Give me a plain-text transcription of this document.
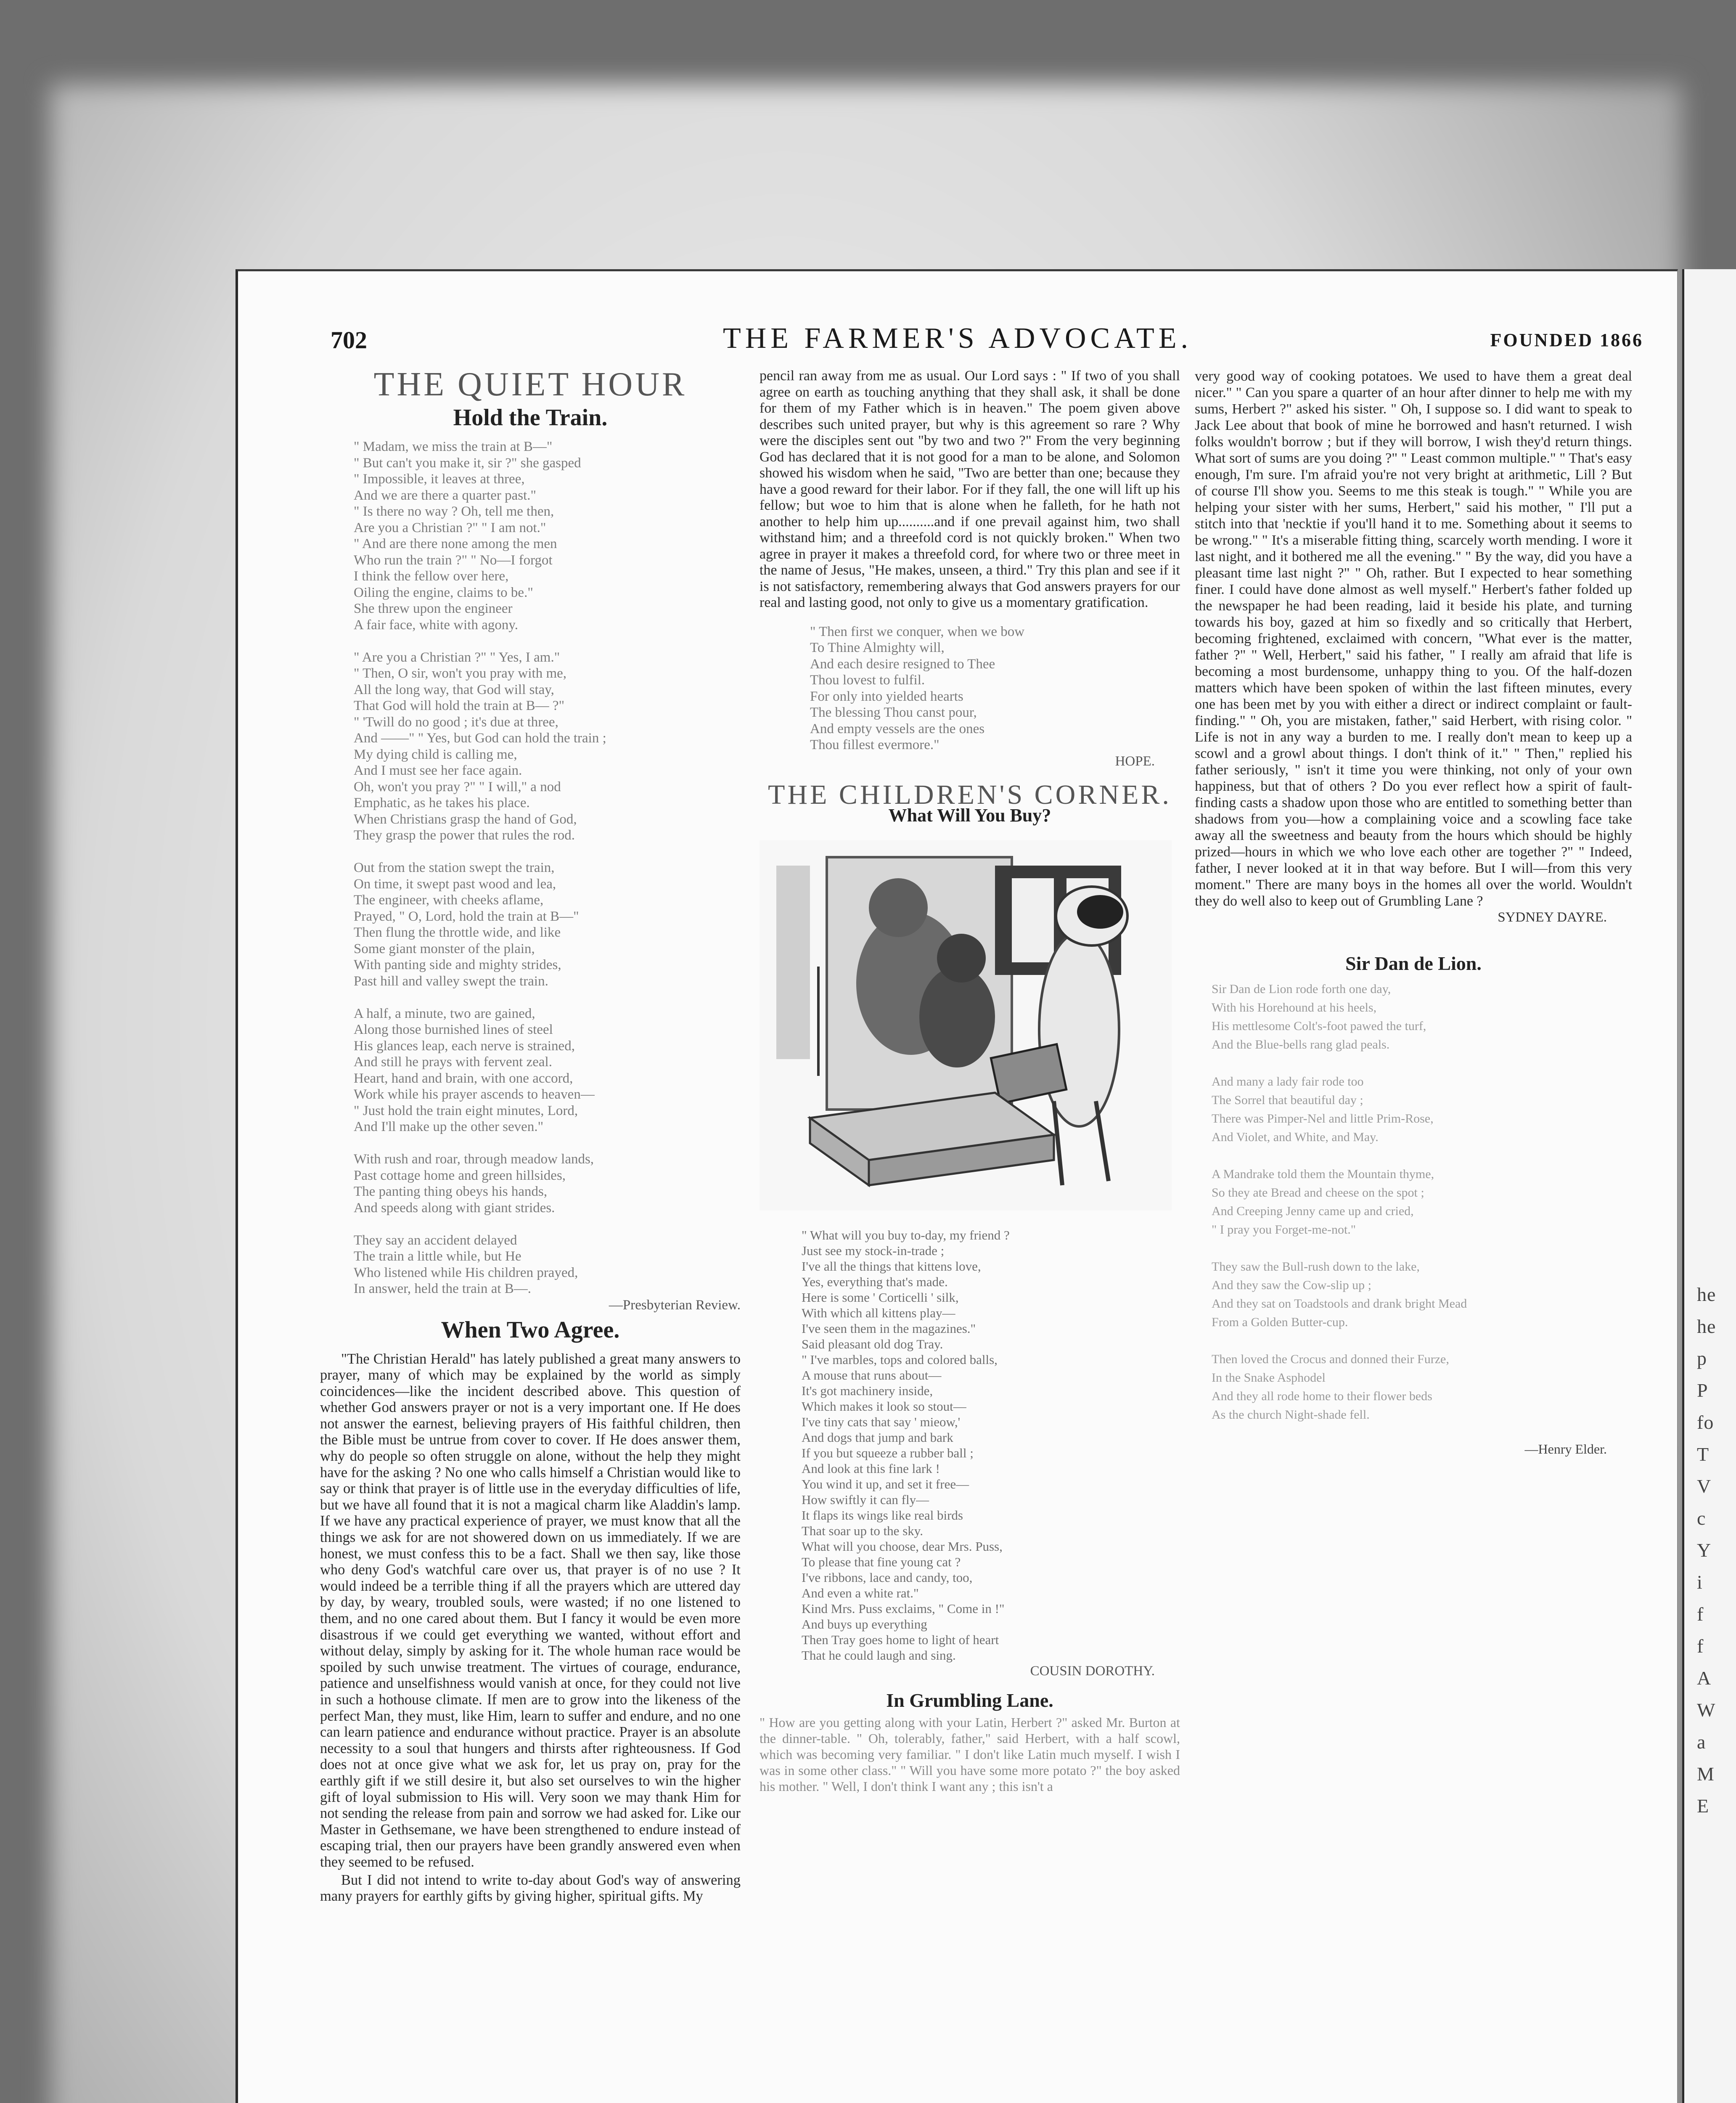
702	THE FARMER'S ADVOCATE.	FOUNDED 1866
THE QUIET HOUR
Hold the Train.
" Madam, we miss the train at B—"
" But can't you make it, sir ?" she gasped
" Impossible, it leaves at three,
And we are there a quarter past."
" Is there no way ? Oh, tell me then,
Are you a Christian ?" " I am not."
" And are there none among the men
Who run the train ?" " No—I forgot
I think the fellow over here,
Oiling the engine, claims to be."
She threw upon the engineer
A fair face, white with agony.

" Are you a Christian ?" " Yes, I am."
" Then, O sir, won't you pray with me,
All the long way, that God will stay,
That God will hold the train at B— ?"
" 'Twill do no good ; it's due at three,
And ——" " Yes, but God can hold the train ;
My dying child is calling me,
And I must see her face again.
Oh, won't you pray ?" " I will," a nod
Emphatic, as he takes his place.
When Christians grasp the hand of God,
They grasp the power that rules the rod.

Out from the station swept the train,
On time, it swept past wood and lea,
The engineer, with cheeks aflame,
Prayed, " O, Lord, hold the train at B—"
Then flung the throttle wide, and like
Some giant monster of the plain,
With panting side and mighty strides,
Past hill and valley swept the train.

A half, a minute, two are gained,
Along those burnished lines of steel
His glances leap, each nerve is strained,
And still he prays with fervent zeal.
Heart, hand and brain, with one accord,
Work while his prayer ascends to heaven—
" Just hold the train eight minutes, Lord,
And I'll make up the other seven."

With rush and roar, through meadow lands,
Past cottage home and green hillsides,
The panting thing obeys his hands,
And speeds along with giant strides.

They say an accident delayed
The train a little while, but He
Who listened while His children prayed,
In answer, held the train at B—.
—Presbyterian Review.
When Two Agree.

"The Christian Herald" has lately published a great many answers to prayer, many of which may be explained by the world as simply coincidences—like the incident described above. This question of whether God answers prayer or not is a very important one. If He does not answer the earnest, believing prayers of His faithful children, then the Bible must be untrue from cover to cover. If He does answer them, why do people so often struggle on alone, without the help they might have for the asking ? No one who calls himself a Christian would like to say or think that prayer is of little use in the everyday difficulties of life, but we have all found that it is not a magical charm like Aladdin's lamp. If we have any practical experience of prayer, we must know that all the things we ask for are not showered down on us immediately. If we are honest, we must confess this to be a fact. Shall we then say, like those who deny God's watchful care over us, that prayer is of no use ? It would indeed be a terrible thing if all the prayers which are uttered day by day, by weary, troubled souls, were wasted; if no one listened to them, and no one cared about them. But I fancy it would be even more disastrous if we could get everything we wanted, without effort and without delay, simply by asking for it. The whole human race would be spoiled by such unwise treatment. The virtues of courage, endurance, patience and unselfishness would vanish at once, for they could not live in such a hothouse climate. If men are to grow into the likeness of the perfect Man, they must, like Him, learn to suffer and endure, and no one can learn patience and endurance without practice. Prayer is an absolute necessity to a soul that hungers and thirsts after righteousness. If God does not at once give what we ask for, let us pray on, pray for the earthly gift if we still desire it, but also set ourselves to win the higher gift of loyal submission to His will. Very soon we may thank Him for not sending the release from pain and sorrow we had asked for. Like our Master in Gethsemane, we have been strengthened to endure instead of escaping trial, then our prayers have been grandly answered even when they seemed to be refused.

But I did not intend to write to-day about God's way of answering many prayers for earthly gifts by giving higher, spiritual gifts. My

pencil ran away from me as usual. Our Lord says : " If two of you shall agree on earth as touching anything that they shall ask, it shall be done for them of my Father which is in heaven." The poem given above describes such united prayer, but why is this agreement so rare ? Why were the disciples sent out "by two and two ?" From the very beginning God has declared that it is not good for a man to be alone, and Solomon showed his wisdom when he said, "Two are better than one; because they have a good reward for their labor. For if they fall, the one will lift up his fellow; but woe to him that is alone when he falleth, for he hath not another to help him up..........and if one prevail against him, two shall withstand him; and a threefold cord is not quickly broken." When two agree in prayer it makes a threefold cord, for where two or three meet in the name of Jesus, "He makes, unseen, a third." Try this plan and see if it is not satisfactory, remembering always that God answers prayers for our real and lasting good, not only to give us a momentary gratification.
" Then first we conquer, when we bow
To Thine Almighty will,
And each desire resigned to Thee
Thou lovest to fulfil.
For only into yielded hearts
The blessing Thou canst pour,
And empty vessels are the ones
Thou fillest evermore."
HOPE.
THE CHILDREN'S CORNER.
What Will You Buy?
" What will you buy to-day, my friend ?
Just see my stock-in-trade ;
I've all the things that kittens love,
Yes, everything that's made.
Here is some ' Corticelli ' silk,
With which all kittens play—
I've seen them in the magazines."
Said pleasant old dog Tray.
" I've marbles, tops and colored balls,
A mouse that runs about—
It's got machinery inside,
Which makes it look so stout—
I've tiny cats that say ' mieow,'
And dogs that jump and bark
If you but squeeze a rubber ball ;
And look at this fine lark !
You wind it up, and set it free—
How swiftly it can fly—
It flaps its wings like real birds
That soar up to the sky.
What will you choose, dear Mrs. Puss,
To please that fine young cat ?
I've ribbons, lace and candy, too,
And even a white rat."
Kind Mrs. Puss exclaims, " Come in !"
And buys up everything
Then Tray goes home to light of heart
That he could laugh and sing.
COUSIN DOROTHY.
In Grumbling Lane.
" How are you getting along with your Latin, Herbert ?" asked Mr. Burton at the dinner-table. " Oh, tolerably, father," said Herbert, with a half scowl, which was becoming very familiar. " I don't like Latin much myself. I wish I was in some other class." " Will you have some more potato ?" the boy asked his mother. " Well, I don't think I want any ; this isn't a
very good way of cooking potatoes. We used to have them a great deal nicer." " Can you spare a quarter of an hour after dinner to help me with my sums, Herbert ?" asked his sister. " Oh, I suppose so. I did want to speak to Jack Lee about that book of mine he borrowed and hasn't returned. I wish folks wouldn't borrow ; but if they will borrow, I wish they'd return things. What sort of sums are you doing ?" " Least common multiple." " That's easy enough, I'm sure. I'm afraid you're not very bright at arithmetic, Lill ? But of course I'll show you. Seems to me this steak is tough." " While you are helping your sister with her sums, Herbert," said his mother, " I'll put a stitch into that 'necktie if you'll hand it to me. Something about it seems to be wrong." " It's a miserable fitting thing, scarcely worth mending. I wore it last night, and it bothered me all the evening." " By the way, did you have a pleasant time last night ?" " Oh, rather. But I expected to hear something finer. I could have done almost as well myself." Herbert's father folded up the newspaper he had been reading, laid it beside his plate, and turning towards his boy, gazed at him so fixedly and so critically that Herbert, becoming frightened, exclaimed with concern, "What ever is the matter, father ?" " Well, Herbert," said his father, " I really am afraid that life is becoming a most burdensome, unhappy thing to you. Of the half-dozen matters which have been spoken of within the last fifteen minutes, every one has been met by you with either a direct or indirect complaint or fault-finding." " Oh, you are mistaken, father," said Herbert, with rising color. " Life is not in any way a burden to me. I really don't mean to keep up a scowl and a growl about things. I don't think of it." " Then," replied his father seriously, " isn't it time you were thinking, not only of your own happiness, but that of others ? Do you ever reflect how a spirit of fault-finding casts a shadow upon those who are entitled to something better than shadows from you—how a complaining voice and a scowling face take away all the sweetness and beauty from the hours which should be highly prized—hours in which we who love each other are together ?" " Indeed, father, I never looked at it in that way before. But I will—from this very moment." There are many boys in the homes all over the world. Wouldn't they do well also to keep out of Grumbling Lane ?
SYDNEY DAYRE.
Sir Dan de Lion.
Sir Dan de Lion rode forth one day,
With his Horehound at his heels,
His mettlesome Colt's-foot pawed the turf,
And the Blue-bells rang glad peals.

And many a lady fair rode too
The Sorrel that beautiful day ;
There was Pimper-Nel and little Prim-Rose,
And Violet, and White, and May.

A Mandrake told them the Mountain thyme,
So they ate Bread and cheese on the spot ;
And Creeping Jenny came up and cried,
" I pray you Forget-me-not."

They saw the Bull-rush down to the lake,
And they saw the Cow-slip up ;
And they sat on Toadstools and drank bright Mead
From a Golden Butter-cup.

Then loved the Crocus and donned their Furze,
In the Snake Asphodel
And they all rode home to their flower beds
As the church Night-shade fell.
—Henry Elder.
he
he
p
P
fo
T
V
c
Y
i
f
f
A
W
a
M
E
